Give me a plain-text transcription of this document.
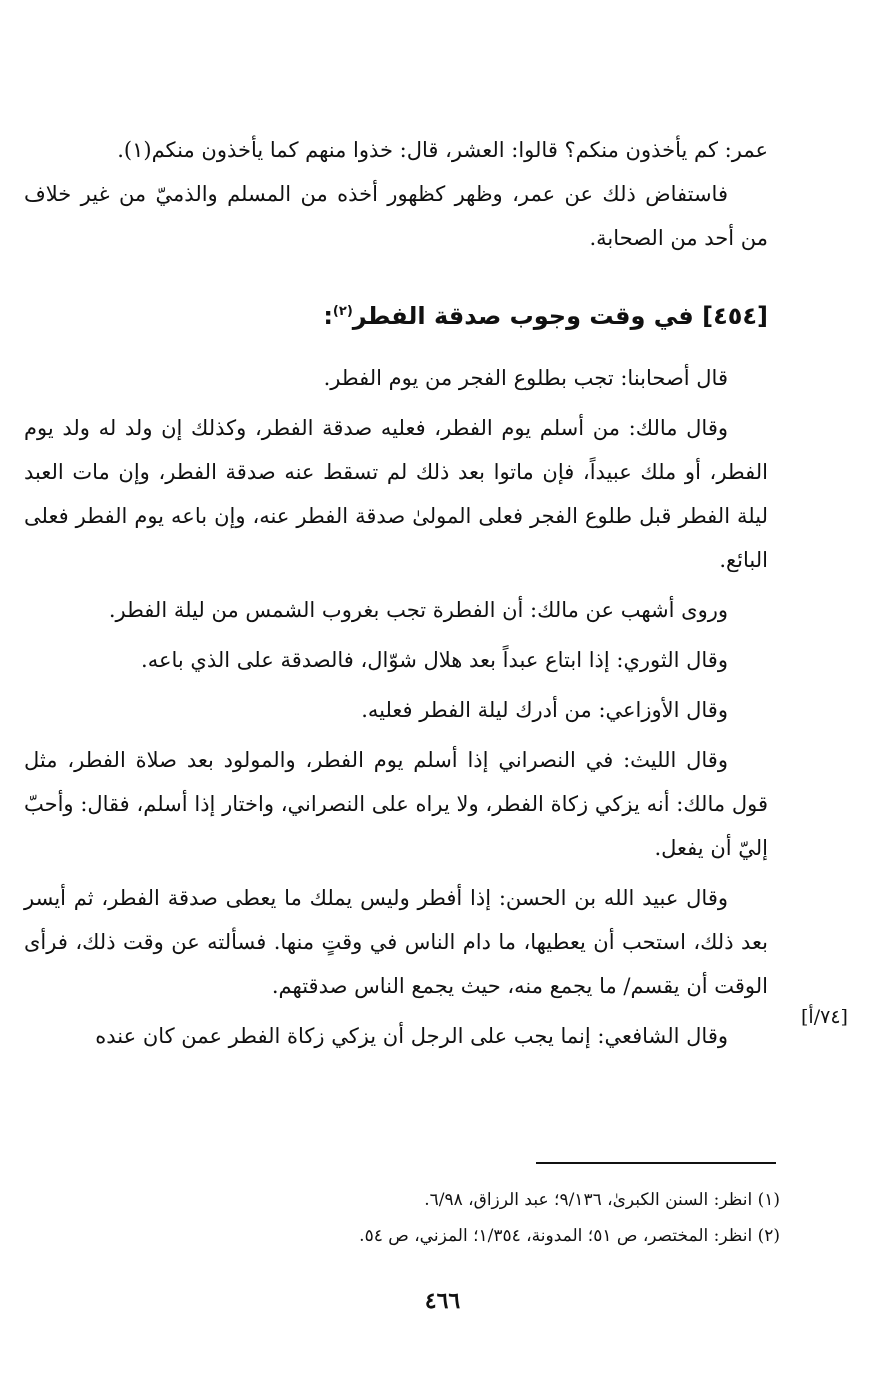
عمر: كم يأخذون منكم؟ قالوا: العشر، قال: خذوا منهم كما يأخذون منكم(١).

فاستفاض ذلك عن عمر، وظهر كظهور أخذه من المسلم والذميّ من غير خلاف من أحد من الصحابة.

[٤٥٤] في وقت وجوب صدقة الفطر$^{(٢)}$:

قال أصحابنا: تجب بطلوع الفجر من يوم الفطر.

وقال مالك: من أسلم يوم الفطر، فعليه صدقة الفطر، وكذلك إن ولد له ولد يوم الفطر، أو ملك عبيداً، فإن ماتوا بعد ذلك لم تسقط عنه صدقة الفطر، وإن مات العبد ليلة الفطر قبل طلوع الفجر فعلى المولىٰ صدقة الفطر عنه، وإن باعه يوم الفطر فعلى البائع.

وروى أشهب عن مالك: أن الفطرة تجب بغروب الشمس من ليلة الفطر.

وقال الثوري: إذا ابتاع عبداً بعد هلال شوّال، فالصدقة على الذي باعه.

وقال الأوزاعي: من أدرك ليلة الفطر فعليه.

وقال الليث: في النصراني إذا أسلم يوم الفطر، والمولود بعد صلاة الفطر، مثل قول مالك: أنه يزكي زكاة الفطر، ولا يراه على النصراني، واختار إذا أسلم، فقال: وأحبّ إليّ أن يفعل.

وقال عبيد الله بن الحسن: إذا أفطر وليس يملك ما يعطى صدقة الفطر، ثم أيسر بعد ذلك، استحب أن يعطيها، ما دام الناس في وقتٍ منها. فسألته عن وقت ذلك، فرأى الوقت أن يقسم/ ما يجمع منه، حيث يجمع الناس صدقتهم.

وقال الشافعي: إنما يجب على الرجل أن يزكي زكاة الفطر عمن كان عنده

[٧٤/أ]

(١) انظر: السنن الكبرىٰ، ٩/١٣٦؛ عبد الرزاق، ٦/٩٨.

(٢) انظر: المختصر، ص ٥١؛ المدونة، ١/٣٥٤؛ المزني، ص ٥٤.

٤٦٦
